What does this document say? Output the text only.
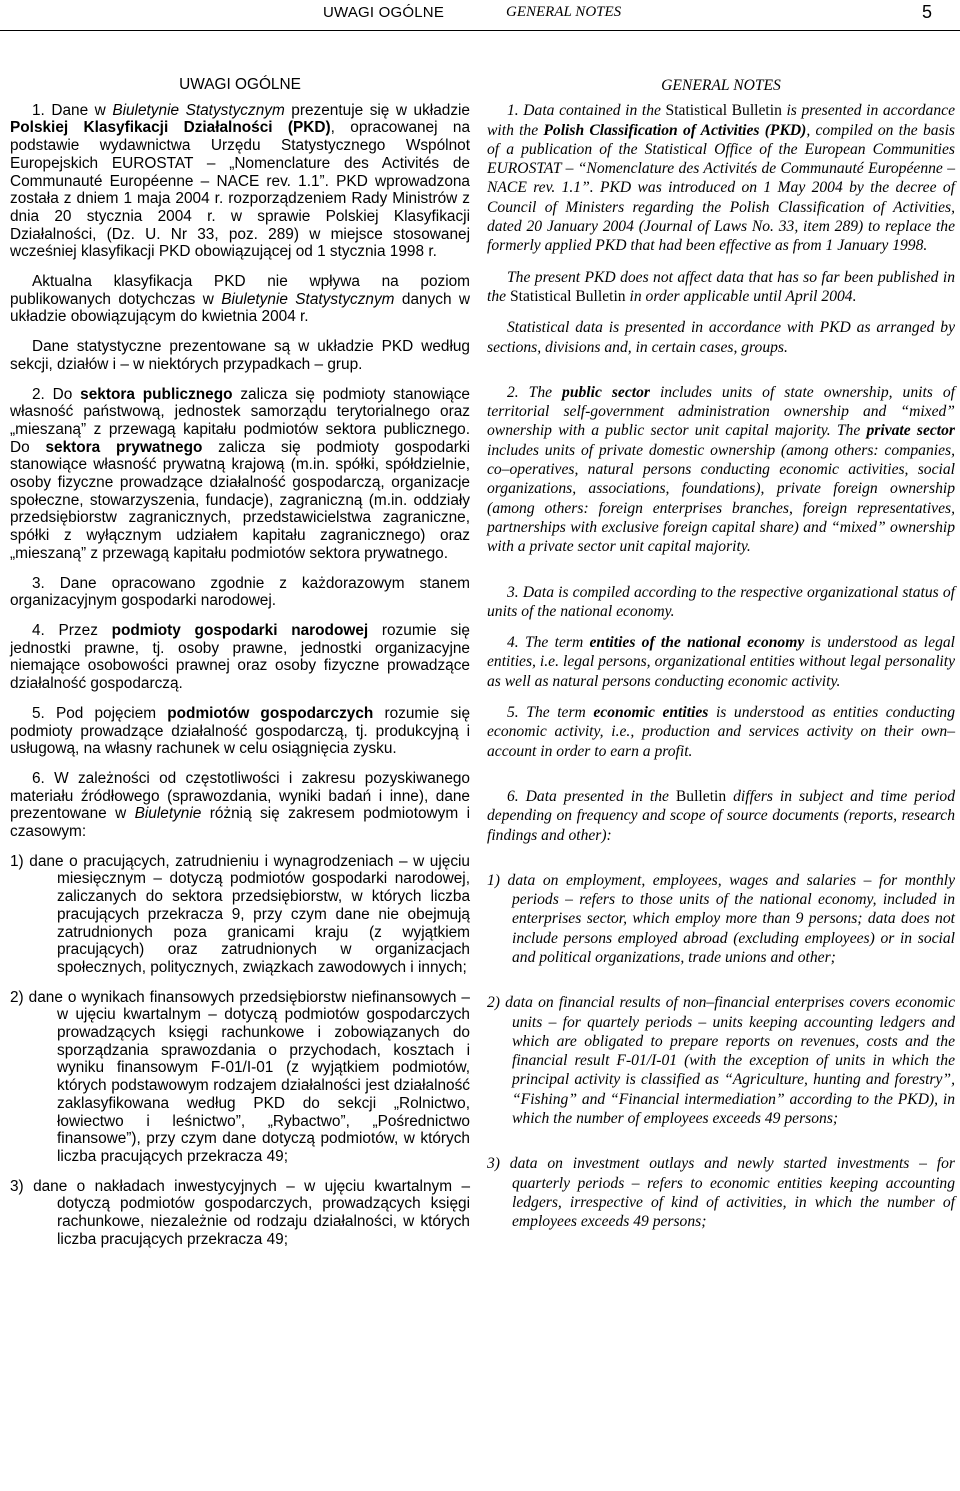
UWAGI OGÓLNE	GENERAL NOTES	5

UWAGI OGÓLNE

1. Dane w Biuletynie Statystycznym prezentuje się w układzie Polskiej Klasyfikacji Działalności (PKD), opracowanej na podstawie wydawnictwa Urzędu Statystycznego Wspólnot Europejskich EUROSTAT – „Nomenclature des Activités de Communauté Européenne – NACE rev. 1.1”. PKD wprowadzona została z dniem 1 maja 2004 r. rozporządzeniem Rady Ministrów z dnia 20 stycznia 2004 r. w sprawie Polskiej Klasyfikacji Działalności, (Dz. U. Nr 33, poz. 289) w miejsce stosowanej wcześniej klasyfikacji PKD obowiązującej od 1 stycznia 1998 r.

Aktualna klasyfikacja PKD nie wpływa na poziom publikowanych dotychczas w Biuletynie Statystycznym danych w układzie obowiązującym do kwietnia 2004 r.

Dane statystyczne prezentowane są w układzie PKD według sekcji, działów i – w niektórych przypadkach – grup.

2. Do sektora publicznego zalicza się podmioty stanowiące własność państwową, jednostek samorządu terytorialnego oraz „mieszaną” z przewagą kapitału podmiotów sektora publicznego. Do sektora prywatnego zalicza się podmioty gospodarki stanowiące własność prywatną krajową (m.in. spółki, spółdzielnie, osoby fizyczne prowadzące działalność gospodarczą, organizacje społeczne, stowarzyszenia, fundacje), zagraniczną (m.in. oddziały przedsiębiorstw zagranicznych, przedstawicielstwa zagraniczne, spółki z wyłącznym udziałem kapitału zagranicznego) oraz „mieszaną” z przewagą kapitału podmiotów sektora prywatnego.

3. Dane opracowano zgodnie z każdorazowym stanem organizacyjnym gospodarki narodowej.

4. Przez podmioty gospodarki narodowej rozumie się jednostki prawne, tj. osoby prawne, jednostki organizacyjne niemające osobowości prawnej oraz osoby fizyczne prowadzące działalność gospodarczą.

5. Pod pojęciem podmiotów gospodarczych rozumie się podmioty prowadzące działalność gospodarczą, tj. produkcyjną i usługową, na własny rachunek w celu osiągnięcia zysku.

6. W zależności od częstotliwości i zakresu pozyskiwanego materiału źródłowego (sprawozdania, wyniki badań i inne), dane prezentowane w Biuletynie różnią się zakresem podmiotowym i czasowym:

1) dane o pracujących, zatrudnieniu i wynagrodzeniach – w ujęciu miesięcznym – dotyczą podmiotów gospodarki narodowej, zaliczanych do sektora przedsiębiorstw, w których liczba pracujących przekracza 9, przy czym dane nie obejmują zatrudnionych poza granicami kraju (z wyjątkiem pracujących) oraz zatrudnionych w organizacjach społecznych, politycznych, związkach zawodowych i innych;

2) dane o wynikach finansowych przedsiębiorstw niefinansowych – w ujęciu kwartalnym – dotyczą podmiotów gospodarczych prowadzących księgi rachunkowe i zobowiązanych do sporządzania sprawozdania o przychodach, kosztach i wyniku finansowym F-01/I-01 (z wyjątkiem podmiotów, których podstawowym rodzajem działalności jest działalność zaklasyfikowana według PKD do sekcji „Rolnictwo, łowiectwo i leśnictwo”, „Rybactwo”, „Pośrednictwo finansowe”), przy czym dane dotyczą podmiotów, w których liczba pracujących przekracza 49;

3) dane o nakładach inwestycyjnych – w ujęciu kwartalnym – dotyczą podmiotów gospodarczych, prowadzących księgi rachunkowe, niezależnie od rodzaju działalności, w których liczba pracujących przekracza 49;

GENERAL NOTES

1. Data contained in the Statistical Bulletin is presented in accordance with the Polish Classification of Activities (PKD), compiled on the basis of a publication of the Statistical Office of the European Communities EUROSTAT – “Nomenclature des Activités de Communauté Européenne – NACE rev. 1.1”. PKD was introduced on 1 May 2004 by the decree of Council of Ministers regarding the Polish Classification of Activities, dated 20 January 2004 (Journal of Laws No. 33, item 289) to replace the formerly applied PKD that had been effective as from 1 January 1998.

The present PKD does not affect data that has so far been published in the Statistical Bulletin in order applicable until April 2004.

Statistical data is presented in accordance with PKD as arranged by sections, divisions and, in certain cases, groups.

2. The public sector includes units of state ownership, units of territorial self-government administration ownership and “mixed” ownership with a public sector unit capital majority. The private sector includes units of private domestic ownership (among others: companies, co–operatives, natural persons conducting economic activities, social organizations, associations, foundations), private foreign ownership (among others: foreign enterprises branches, foreign representatives, partnerships with exclusive foreign capital share) and “mixed” ownership with a private sector unit capital majority.

3. Data is compiled according to the respective organizational status of units of the national economy.

4. The term entities of the national economy is understood as legal entities, i.e. legal persons, organizational entities without legal personality as well as natural persons conducting economic activity.

5. The term economic entities is understood as entities conducting economic activity, i.e., production and services activity on their own–account in order to earn a profit.

6. Data presented in the Bulletin differs in subject and time period depending on frequency and scope of source documents (reports, research findings and other):

1) data on employment, employees, wages and salaries – for monthly periods – refers to those units of the national economy, included in enterprises sector, which employ more than 9 persons; data does not include persons employed abroad (excluding employees) or in social and political organizations, trade unions and other;

2) data on financial results of non–financial enterprises covers economic units – for quartely periods – units keeping accounting ledgers and which are obligated to prepare reports on revenues, costs and the financial result F-01/I-01 (with the exception of units in which the principal activity is classified as “Agriculture, hunting and forestry”, “Fishing” and “Financial intermediation” according to the PKD), in which the number of employees exceeds 49 persons;

3) data on investment outlays and newly started investments – for quarterly periods – refers to economic entities keeping accounting ledgers, irrespective of kind of activities, in which the number of employees exceeds 49 persons;
